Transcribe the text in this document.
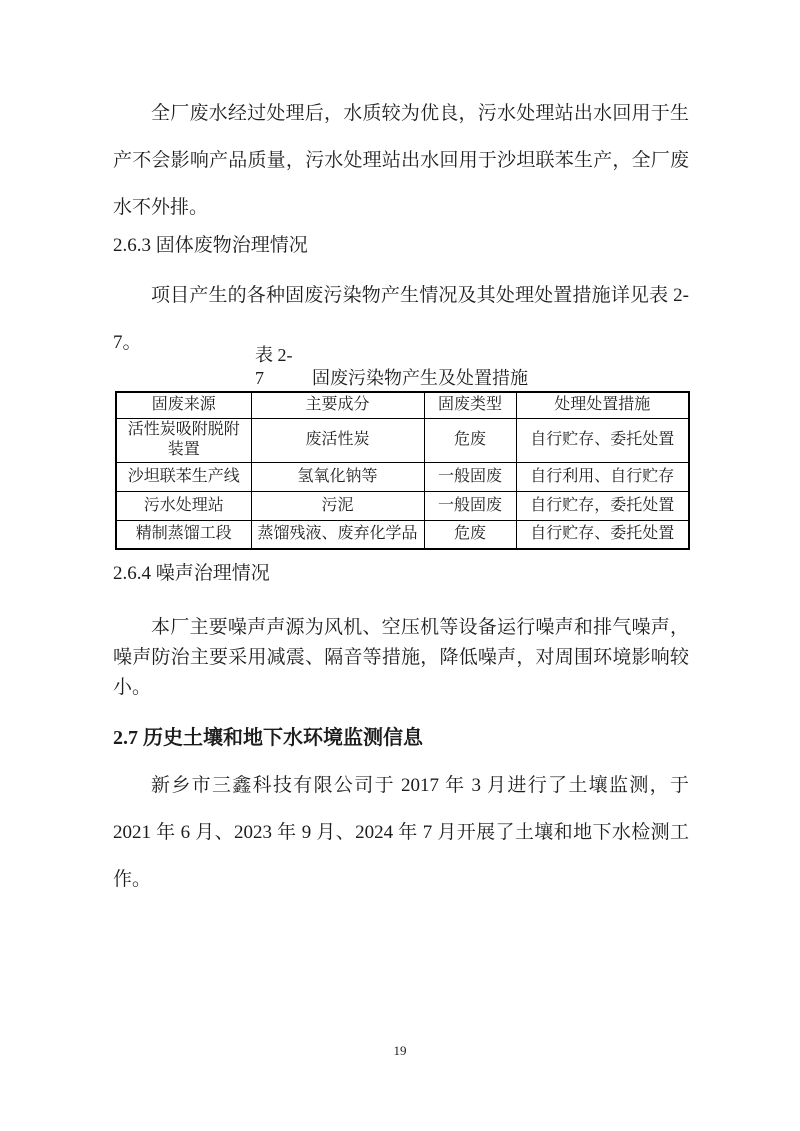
全厂废水经过处理后，水质较为优良，污水处理站出水回用于生产不会影响产品质量，污水处理站出水回用于沙坦联苯生产，全厂废水不外排。

2.6.3 固体废物治理情况

项目产生的各种固废污染物产生情况及其处理处置措施详见表 2-7。

表 2-
7	固废污染物产生及处置措施
固废来源	主要成分	固废类型	处理处置措施
活性炭吸附脱附装置	废活性炭	危废	自行贮存、委托处置
沙坦联苯生产线	氢氧化钠等	一般固废	自行利用、自行贮存
污水处理站	污泥	一般固废	自行贮存，委托处置
精制蒸馏工段	蒸馏残液、废弃化学品	危废	自行贮存、委托处置
2.6.4 噪声治理情况

本厂主要噪声声源为风机、空压机等设备运行噪声和排气噪声，噪声防治主要采用减震、隔音等措施，降低噪声，对周围环境影响较小。

2.7 历史土壤和地下水环境监测信息

新乡市三鑫科技有限公司于 2017 年 3 月进行了土壤监测，于 2021 年 6 月、2023 年 9 月、2024 年 7 月开展了土壤和地下水检测工作。

19
